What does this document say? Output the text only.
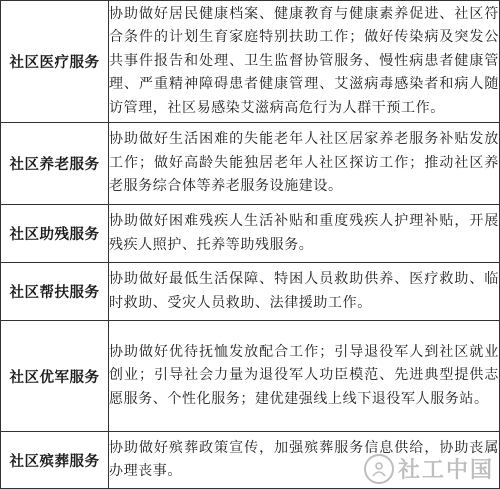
社区医疗服务	协助做好居民健康档案、健康教育与健康素养促进、社区符合条件的计划生育家庭特别扶助工作；做好传染病及突发公共事件报告和处理、卫生监督协管服务、慢性病患者健康管理、严重精神障碍患者健康管理、艾滋病毒感染者和病人随访管理，社区易感染艾滋病高危行为人群干预工作。
社区养老服务	协助做好生活困难的失能老年人社区居家养老服务补贴发放工作；做好高龄失能独居老年人社区探访工作；推动社区养老服务综合体等养老服务设施建设。
社区助残服务	协助做好困难残疾人生活补贴和重度残疾人护理补贴，开展残疾人照护、托养等助残服务。
社区帮扶服务	协助做好最低生活保障、特困人员救助供养、医疗救助、临时救助、受灾人员救助、法律援助工作。
社区优军服务	协助做好优待抚恤发放配合工作；引导退役军人到社区就业创业；引导社会力量为退役军人功臣模范、先进典型提供志愿服务、个性化服务；建优建强线上线下退役军人服务站。
社区殡葬服务	协助做好殡葬政策宣传，加强殡葬服务信息供给，协助丧属办理丧事。	社工中国
